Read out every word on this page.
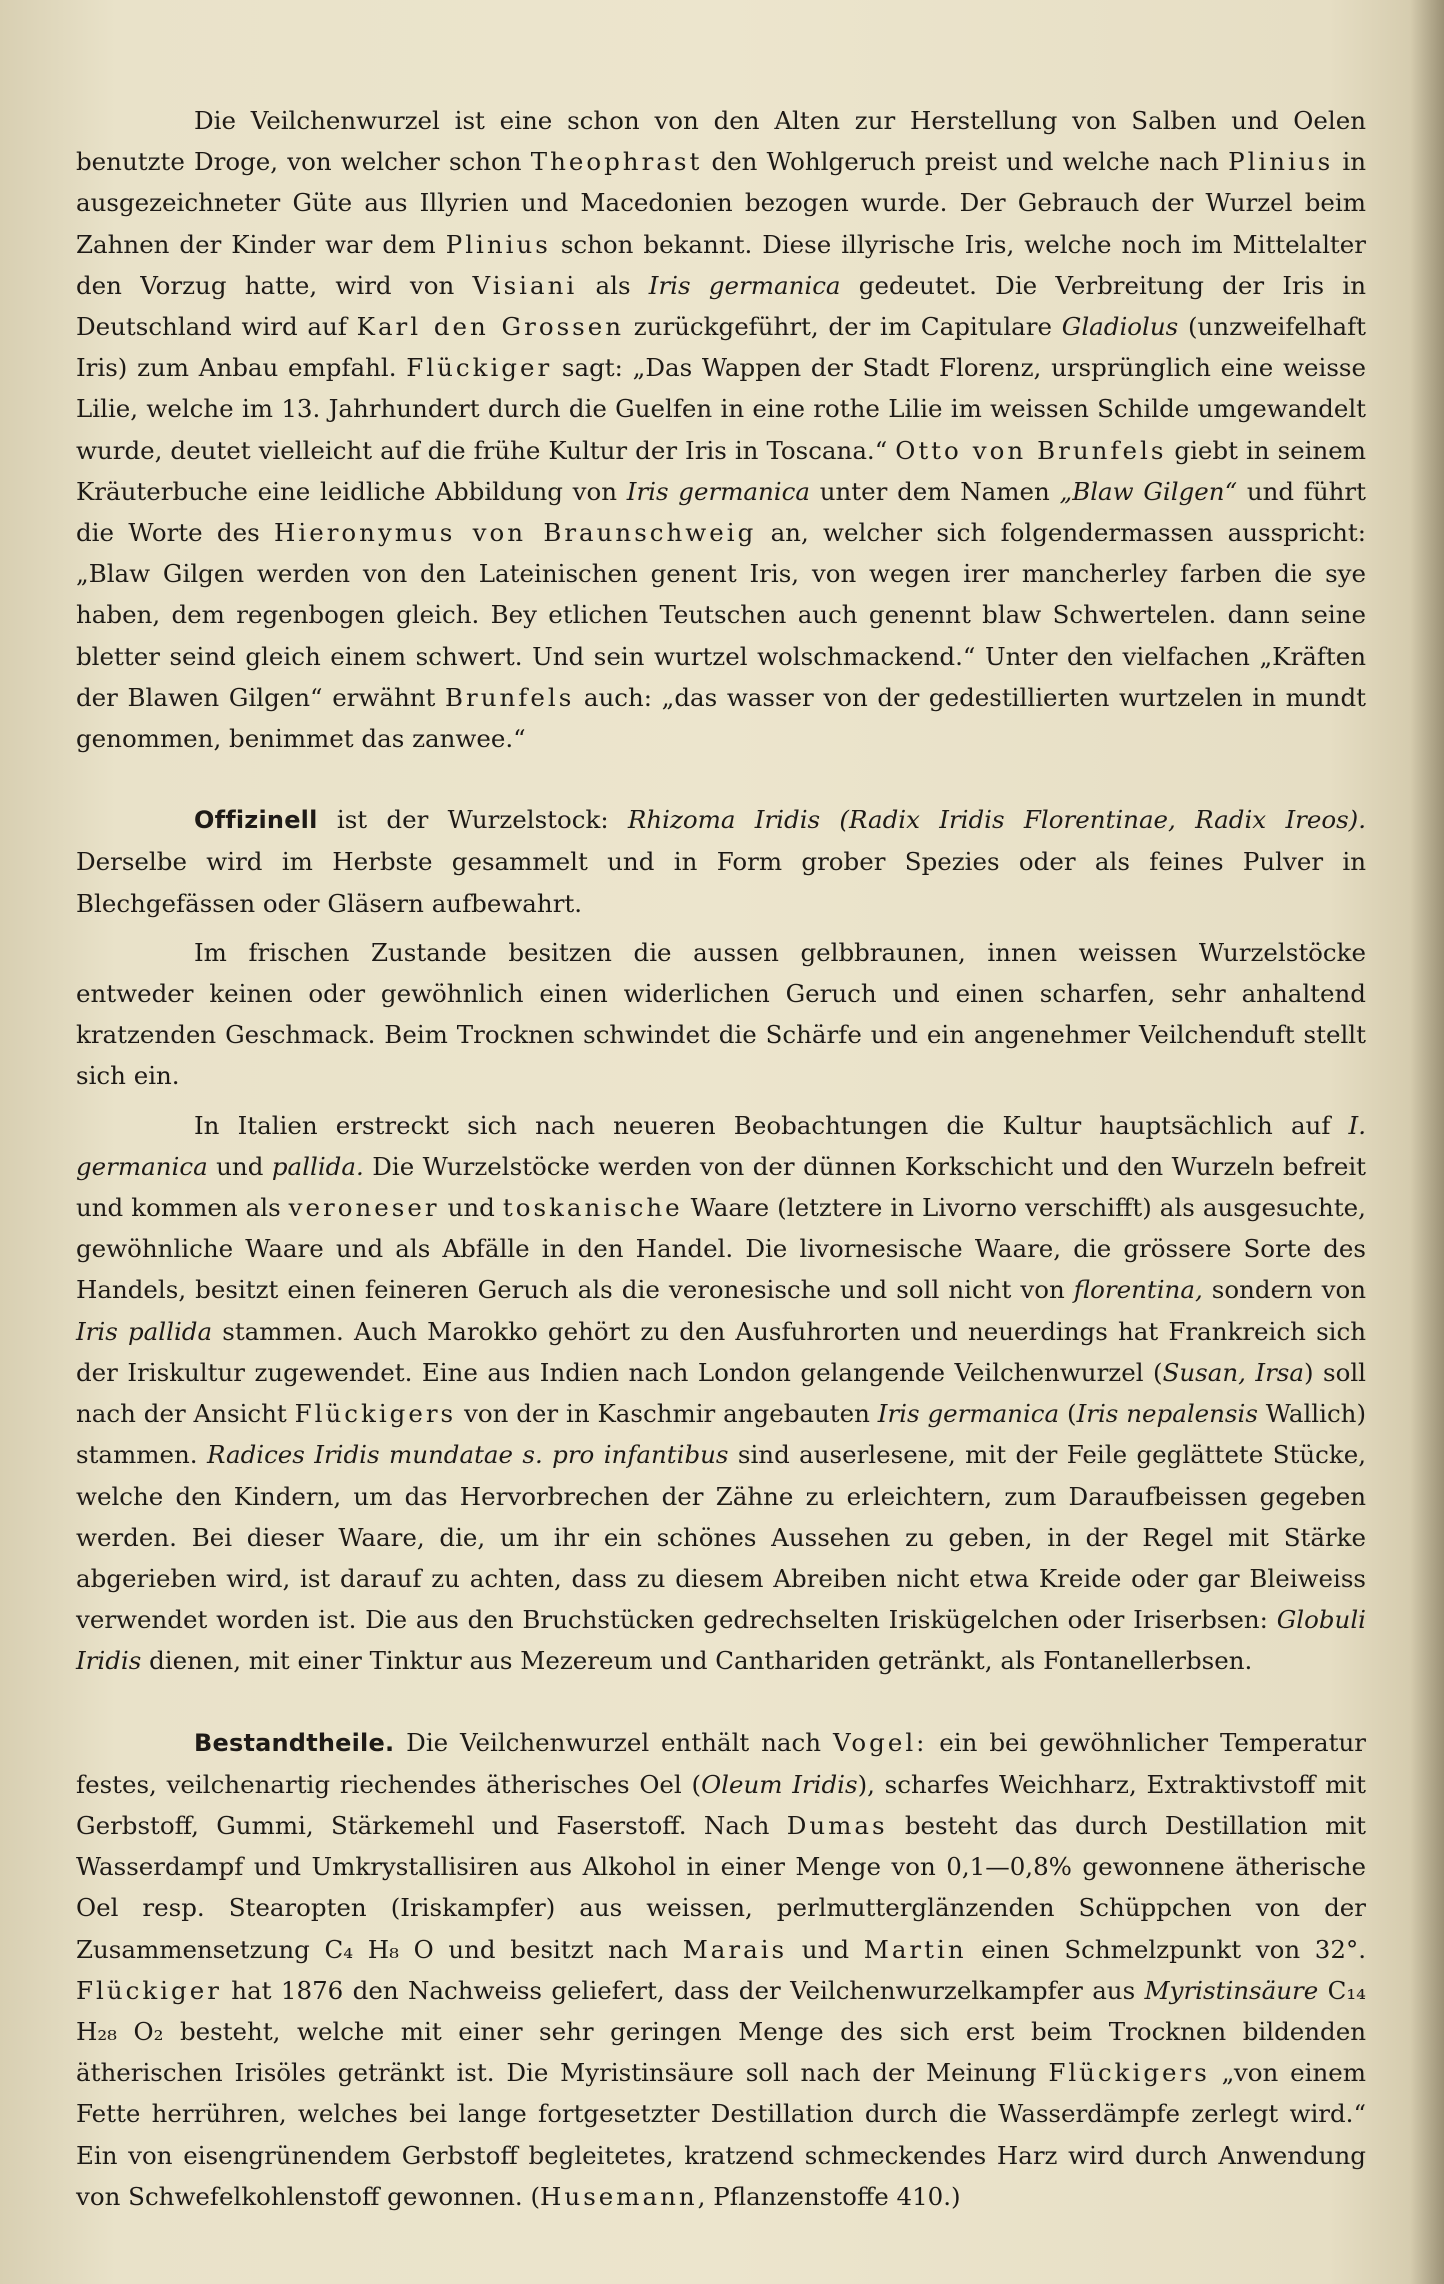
Die Veilchenwurzel ist eine schon von den Alten zur Herstellung von Salben und Oelen benutzte Droge, von welcher schon Theophrast den Wohlgeruch preist und welche nach Plinius in ausgezeichneter Güte aus Illyrien und Macedonien bezogen wurde. Der Gebrauch der Wurzel beim Zahnen der Kinder war dem Plinius schon bekannt. Diese illyrische Iris, welche noch im Mittelalter den Vorzug hatte, wird von Visiani als Iris germanica gedeutet. Die Verbreitung der Iris in Deutschland wird auf Karl den Grossen zurückgeführt, der im Capitulare Gladiolus (unzweifelhaft Iris) zum Anbau empfahl. Flückiger sagt: „Das Wappen der Stadt Florenz, ursprünglich eine weisse Lilie, welche im 13. Jahrhundert durch die Guelfen in eine rothe Lilie im weissen Schilde umgewandelt wurde, deutet vielleicht auf die frühe Kultur der Iris in Toscana.“ Otto von Brunfels giebt in seinem Kräuterbuche eine leidliche Abbildung von Iris germanica unter dem Namen „Blaw Gilgen“ und führt die Worte des Hieronymus von Braunschweig an, welcher sich folgendermassen ausspricht: „Blaw Gilgen werden von den Lateinischen genent Iris, von wegen irer mancherley farben die sye haben, dem regenbogen gleich. Bey etlichen Teutschen auch genennt blaw Schwertelen. dann seine bletter seind gleich einem schwert. Und sein wurtzel wolschmackend.“ Unter den vielfachen „Kräften der Blawen Gilgen“ erwähnt Brunfels auch: „das wasser von der gedestillierten wurtzelen in mundt genommen, benimmet das zanwee.“

Offizinell ist der Wurzelstock: Rhizoma Iridis (Radix Iridis Florentinae, Radix Ireos). Derselbe wird im Herbste gesammelt und in Form grober Spezies oder als feines Pulver in Blechgefässen oder Gläsern aufbewahrt.

Im frischen Zustande besitzen die aussen gelbbraunen, innen weissen Wurzelstöcke entweder keinen oder gewöhnlich einen widerlichen Geruch und einen scharfen, sehr anhaltend kratzenden Geschmack. Beim Trocknen schwindet die Schärfe und ein angenehmer Veilchenduft stellt sich ein.

In Italien erstreckt sich nach neueren Beobachtungen die Kultur hauptsächlich auf I. germanica und pallida. Die Wurzelstöcke werden von der dünnen Korkschicht und den Wurzeln befreit und kommen als veroneser und toskanische Waare (letztere in Livorno verschifft) als ausgesuchte, gewöhnliche Waare und als Abfälle in den Handel. Die livornesische Waare, die grössere Sorte des Handels, besitzt einen feineren Geruch als die veronesische und soll nicht von florentina, sondern von Iris pallida stammen. Auch Marokko gehört zu den Ausfuhrorten und neuerdings hat Frankreich sich der Iriskultur zugewendet. Eine aus Indien nach London gelangende Veilchenwurzel (Susan, Irsa) soll nach der Ansicht Flückigers von der in Kaschmir angebauten Iris germanica (Iris nepalensis Wallich) stammen. Radices Iridis mundatae s. pro infantibus sind auserlesene, mit der Feile geglättete Stücke, welche den Kindern, um das Hervorbrechen der Zähne zu erleichtern, zum Daraufbeissen gegeben werden. Bei dieser Waare, die, um ihr ein schönes Aussehen zu geben, in der Regel mit Stärke abgerieben wird, ist darauf zu achten, dass zu diesem Abreiben nicht etwa Kreide oder gar Bleiweiss verwendet worden ist. Die aus den Bruchstücken gedrechselten Iriskügelchen oder Iriserbsen: Globuli Iridis dienen, mit einer Tinktur aus Mezereum und Canthariden getränkt, als Fontanellerbsen.

Bestandtheile. Die Veilchenwurzel enthält nach Vogel: ein bei gewöhnlicher Temperatur festes, veilchenartig riechendes ätherisches Oel (Oleum Iridis), scharfes Weichharz, Extraktivstoff mit Gerbstoff, Gummi, Stärkemehl und Faserstoff. Nach Dumas besteht das durch Destillation mit Wasserdampf und Umkrystallisiren aus Alkohol in einer Menge von 0,1—0,8% gewonnene ätherische Oel resp. Stearopten (Iriskampfer) aus weissen, perlmutterglänzenden Schüppchen von der Zusammensetzung C₄ H₈ O und besitzt nach Marais und Martin einen Schmelzpunkt von 32°. Flückiger hat 1876 den Nachweiss geliefert, dass der Veilchenwurzelkampfer aus Myristinsäure C₁₄ H₂₈ O₂ besteht, welche mit einer sehr geringen Menge des sich erst beim Trocknen bildenden ätherischen Irisöles getränkt ist. Die Myristinsäure soll nach der Meinung Flückigers „von einem Fette herrühren, welches bei lange fortgesetzter Destillation durch die Wasserdämpfe zerlegt wird.“ Ein von eisengrünendem Gerbstoff begleitetes, kratzend schmeckendes Harz wird durch Anwendung von Schwefelkohlenstoff gewonnen. (Husemann, Pflanzenstoffe 410.)
